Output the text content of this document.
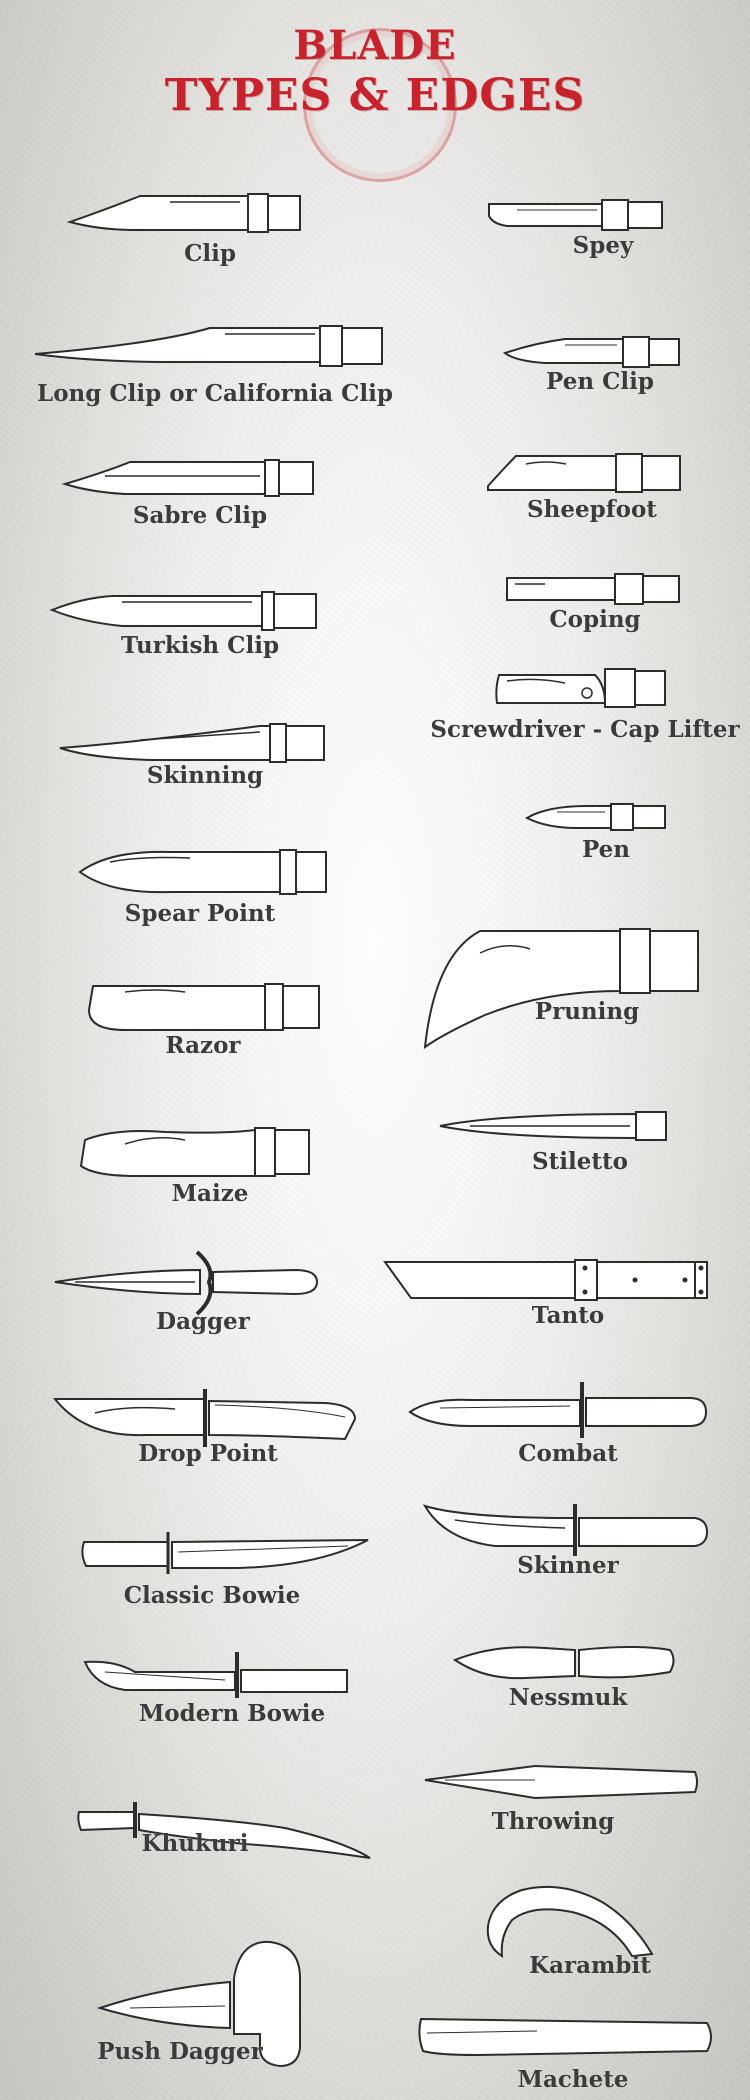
BLADE
TYPES & EDGES
Clip
Long Clip or California Clip
Sabre Clip
Turkish Clip
Skinning
Spear Point
Razor
Maize
Dagger
Drop Point
Classic Bowie
Modern Bowie
Khukuri
Push Dagger
Spey
Pen Clip
Sheepfoot
Coping
Screwdriver - Cap Lifter
Pen
Pruning
Stiletto
Tanto
Combat
Skinner
Nessmuk
Throwing
Karambit
Machete
